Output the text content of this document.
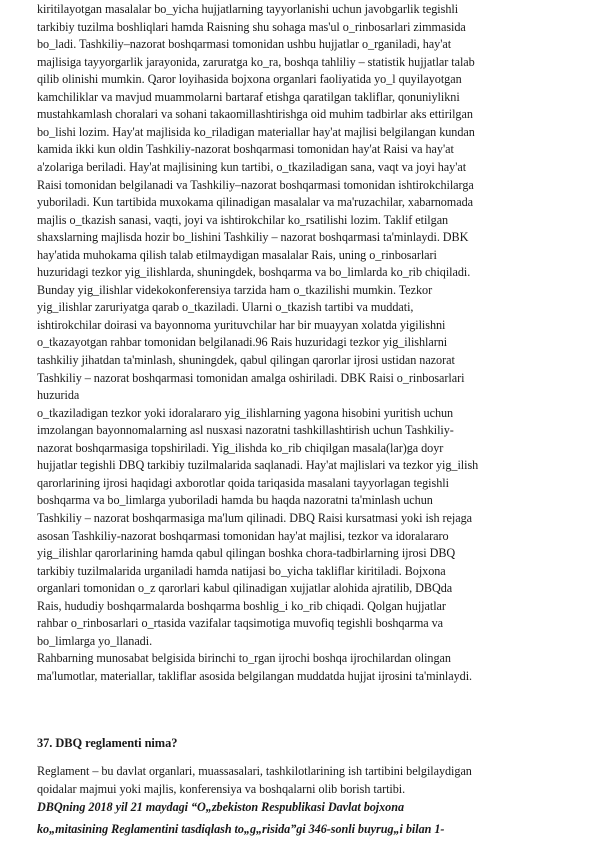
kiritilayotgan masalalar bo_yicha hujjatlarning tayyorlanishi uchun javobgarlik tegishli
tarkibiy tuzilma boshliqlari hamda Raisning shu sohaga mas'ul o_rinbosarlari zimmasida
bo_ladi. Tashkiliy–nazorat boshqarmasi tomonidan ushbu hujjatlar o_rganiladi, hay'at
majlisiga tayyorgarlik jarayonida, zaruratga ko_ra, boshqa tahliliy – statistik hujjatlar talab
qilib olinishi mumkin. Qaror loyihasida bojxona organlari faoliyatida yo_l quyilayotgan
kamchiliklar va mavjud muammolarni bartaraf etishga qaratilgan takliflar, qonuniylikni
mustahkamlash choralari va sohani takaomillashtirishga oid muhim tadbirlar aks ettirilgan
bo_lishi lozim. Hay'at majlisida ko_riladigan materiallar hay'at majlisi belgilangan kundan
kamida ikki kun oldin Tashkiliy-nazorat boshqarmasi tomonidan hay'at Raisi va hay'at
a'zolariga beriladi. Hay'at majlisining kun tartibi, o_tkaziladigan sana, vaqt va joyi hay'at
Raisi tomonidan belgilanadi va Tashkiliy–nazorat boshqarmasi tomonidan ishtirokchilarga
yuboriladi. Kun tartibida muxokama qilinadigan masalalar va ma'ruzachilar, xabarnomada
majlis o_tkazish sanasi, vaqti, joyi va ishtirokchilar ko_rsatilishi lozim. Taklif etilgan
shaxslarning majlisda hozir bo_lishini Tashkiliy – nazorat boshqarmasi ta'minlaydi. DBK
hay'atida muhokama qilish talab etilmaydigan masalalar Rais, uning o_rinbosarlari
huzuridagi tezkor yig_ilishlarda, shuningdek, boshqarma va bo_limlarda ko_rib chiqiladi.
Bunday yig_ilishlar videkokonferensiya tarzida ham o_tkazilishi mumkin. Tezkor
yig_ilishlar zaruriyatga qarab o_tkaziladi. Ularni o_tkazish tartibi va muddati,
ishtirokchilar doirasi va bayonnoma yurituvchilar har bir muayyan xolatda yigilishni
o_tkazayotgan rahbar tomonidan belgilanadi.96 Rais huzuridagi tezkor yig_ilishlarni
tashkiliy jihatdan ta'minlash, shuningdek, qabul qilingan qarorlar ijrosi ustidan nazorat
Tashkiliy – nazorat boshqarmasi tomonidan amalga oshiriladi. DBK Raisi o_rinbosarlari
huzurida
o_tkaziladigan tezkor yoki idoralararo yig_ilishlarning yagona hisobini yuritish uchun
imzolangan bayonnomalarning asl nusxasi nazoratni tashkillashtirish uchun Tashkiliy-
nazorat boshqarmasiga topshiriladi. Yig_ilishda ko_rib chiqilgan masala(lar)ga doyr
hujjatlar tegishli DBQ tarkibiy tuzilmalarida saqlanadi. Hay'at majlislari va tezkor yig_ilish
qarorlarining ijrosi haqidagi axborotlar qoida tariqasida masalani tayyorlagan tegishli
boshqarma va bo_limlarga yuboriladi hamda bu haqda nazoratni ta'minlash uchun
Tashkiliy – nazorat boshqarmasiga ma'lum qilinadi. DBQ Raisi kursatmasi yoki ish rejaga
asosan Tashkiliy-nazorat boshqarmasi tomonidan hay'at majlisi, tezkor va idoralararo
yig_ilishlar qarorlarining hamda qabul qilingan boshka chora-tadbirlarning ijrosi DBQ
tarkibiy tuzilmalarida urganiladi hamda natijasi bo_yicha takliflar kiritiladi. Bojxona
organlari tomonidan o_z qarorlari kabul qilinadigan xujjatlar alohida ajratilib, DBQda
Rais, hududiy boshqarmalarda boshqarma boshlig_i ko_rib chiqadi. Qolgan hujjatlar
rahbar o_rinbosarlari o_rtasida vazifalar taqsimotiga muvofiq tegishli boshqarma va
bo_limlarga yo_llanadi.
Rahbarning munosabat belgisida birinchi to_rgan ijrochi boshqa ijrochilardan olingan
ma'lumotlar, materiallar, takliflar asosida belgilangan muddatda hujjat ijrosini ta'minlaydi.
37. DBQ reglamenti nima?
Reglament – bu davlat organlari, muassasalari, tashkilotlarining ish tartibini belgilaydigan
qoidalar majmui yoki majlis, konferensiya va boshqalarni olib borish tartibi.
DBQning 2018 yil 21 maydagi “O„zbekiston Respublikasi Davlat bojxona
ko„mitasining Reglamentini tasdiqlash to„g„risida”gi 346-sonli buyrug„i bilan 1-
